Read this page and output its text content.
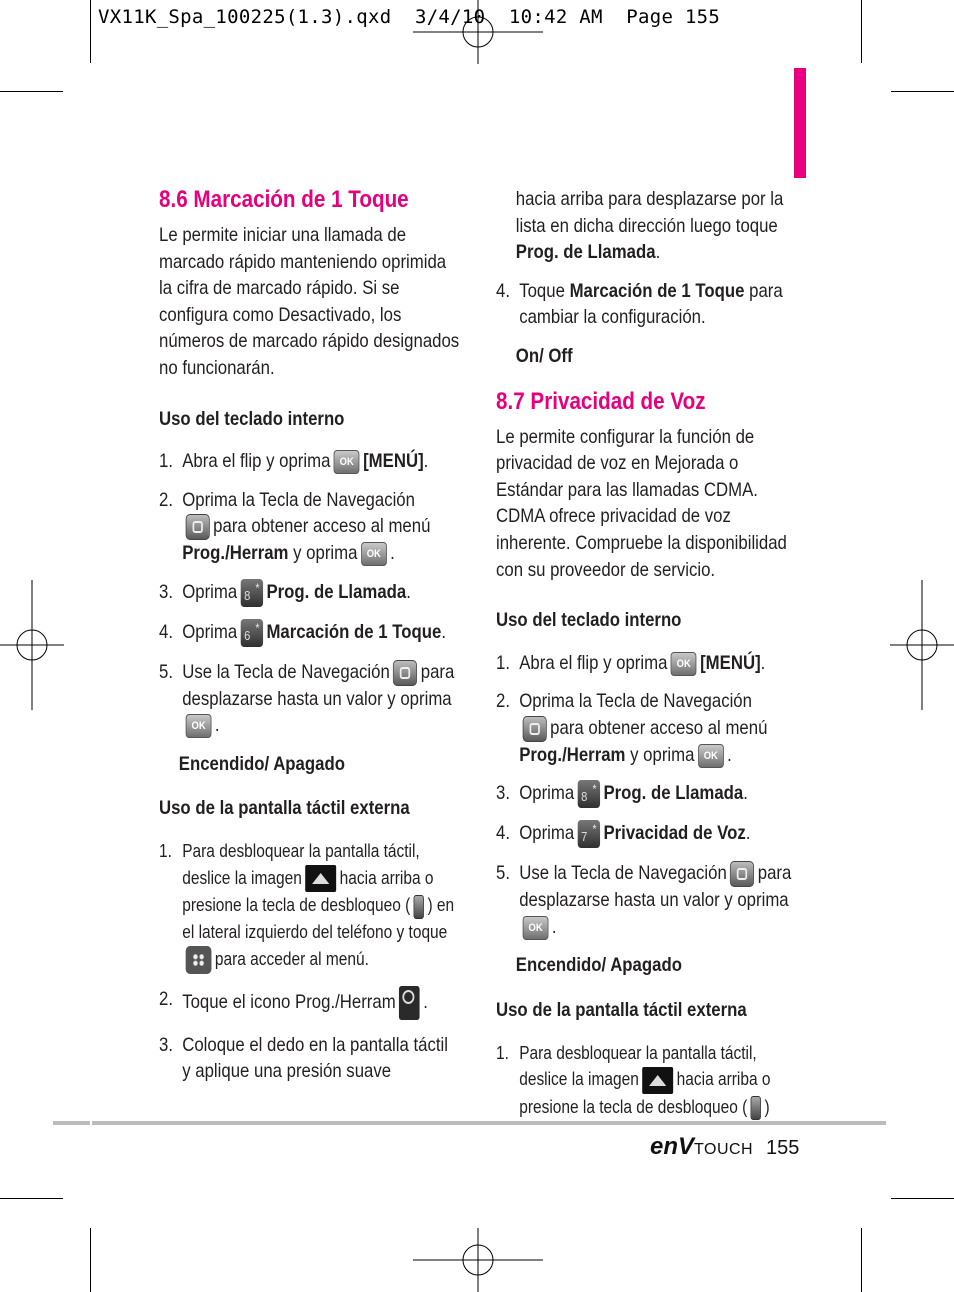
VX11K_Spa_100225(1.3).qxd  3/4/10  10:42 AM  Page 155
8.6 Marcación de 1 Toque

Le permite iniciar una llamada de marcado rápido manteniendo oprimida la cifra de marcado rápido. Si se configura como Desactivado, los números de marcado rápido designados no funcionarán.

Uso del teclado interno

1. Abra el flip y oprima OK [MENÚ].
2. Oprima la Tecla de Navegación
para obtener acceso al menú Prog./Herram y oprima OK .
3. Oprima 8 * Prog. de Llamada.
4. Oprima 6 * Marcación de 1 Toque.
5. Use la Tecla de Navegación para desplazarse hasta un valor y oprimaOK .

Encendido/ Apagado

Uso de la pantalla táctil externa

1. Para desbloquear la pantalla táctil, deslice la imagen hacia arriba o presione la tecla de desbloqueo ( ) en el lateral izquierdo del teléfono y toquepara acceder al menú.
2. Toque el icono Prog./Herram .
3. Coloque el dedo en la pantalla táctil y aplique una presión suave

hacia arriba para desplazarse por la lista en dicha dirección luego toque Prog. de Llamada.

4. Toque Marcación de 1 Toque para cambiar la configuración.

On/ Off

8.7 Privacidad de Voz

Le permite configurar la función de privacidad de voz en Mejorada o Estándar para las llamadas CDMA. CDMA ofrece privacidad de voz inherente. Compruebe la disponibilidad con su proveedor de servicio.

Uso del teclado interno

1. Abra el flip y oprima OK [MENÚ].
2. Oprima la Tecla de Navegación
para obtener acceso al menú Prog./Herram y oprima OK .
3. Oprima 8 * Prog. de Llamada.
4. Oprima 7 * Privacidad de Voz.
5. Use la Tecla de Navegación para desplazarse hasta un valor y oprimaOK .

Encendido/ Apagado

Uso de la pantalla táctil externa

1. Para desbloquear la pantalla táctil, deslice la imagen hacia arriba o presione la tecla de desbloqueo ( )
enVTOUCH 155
